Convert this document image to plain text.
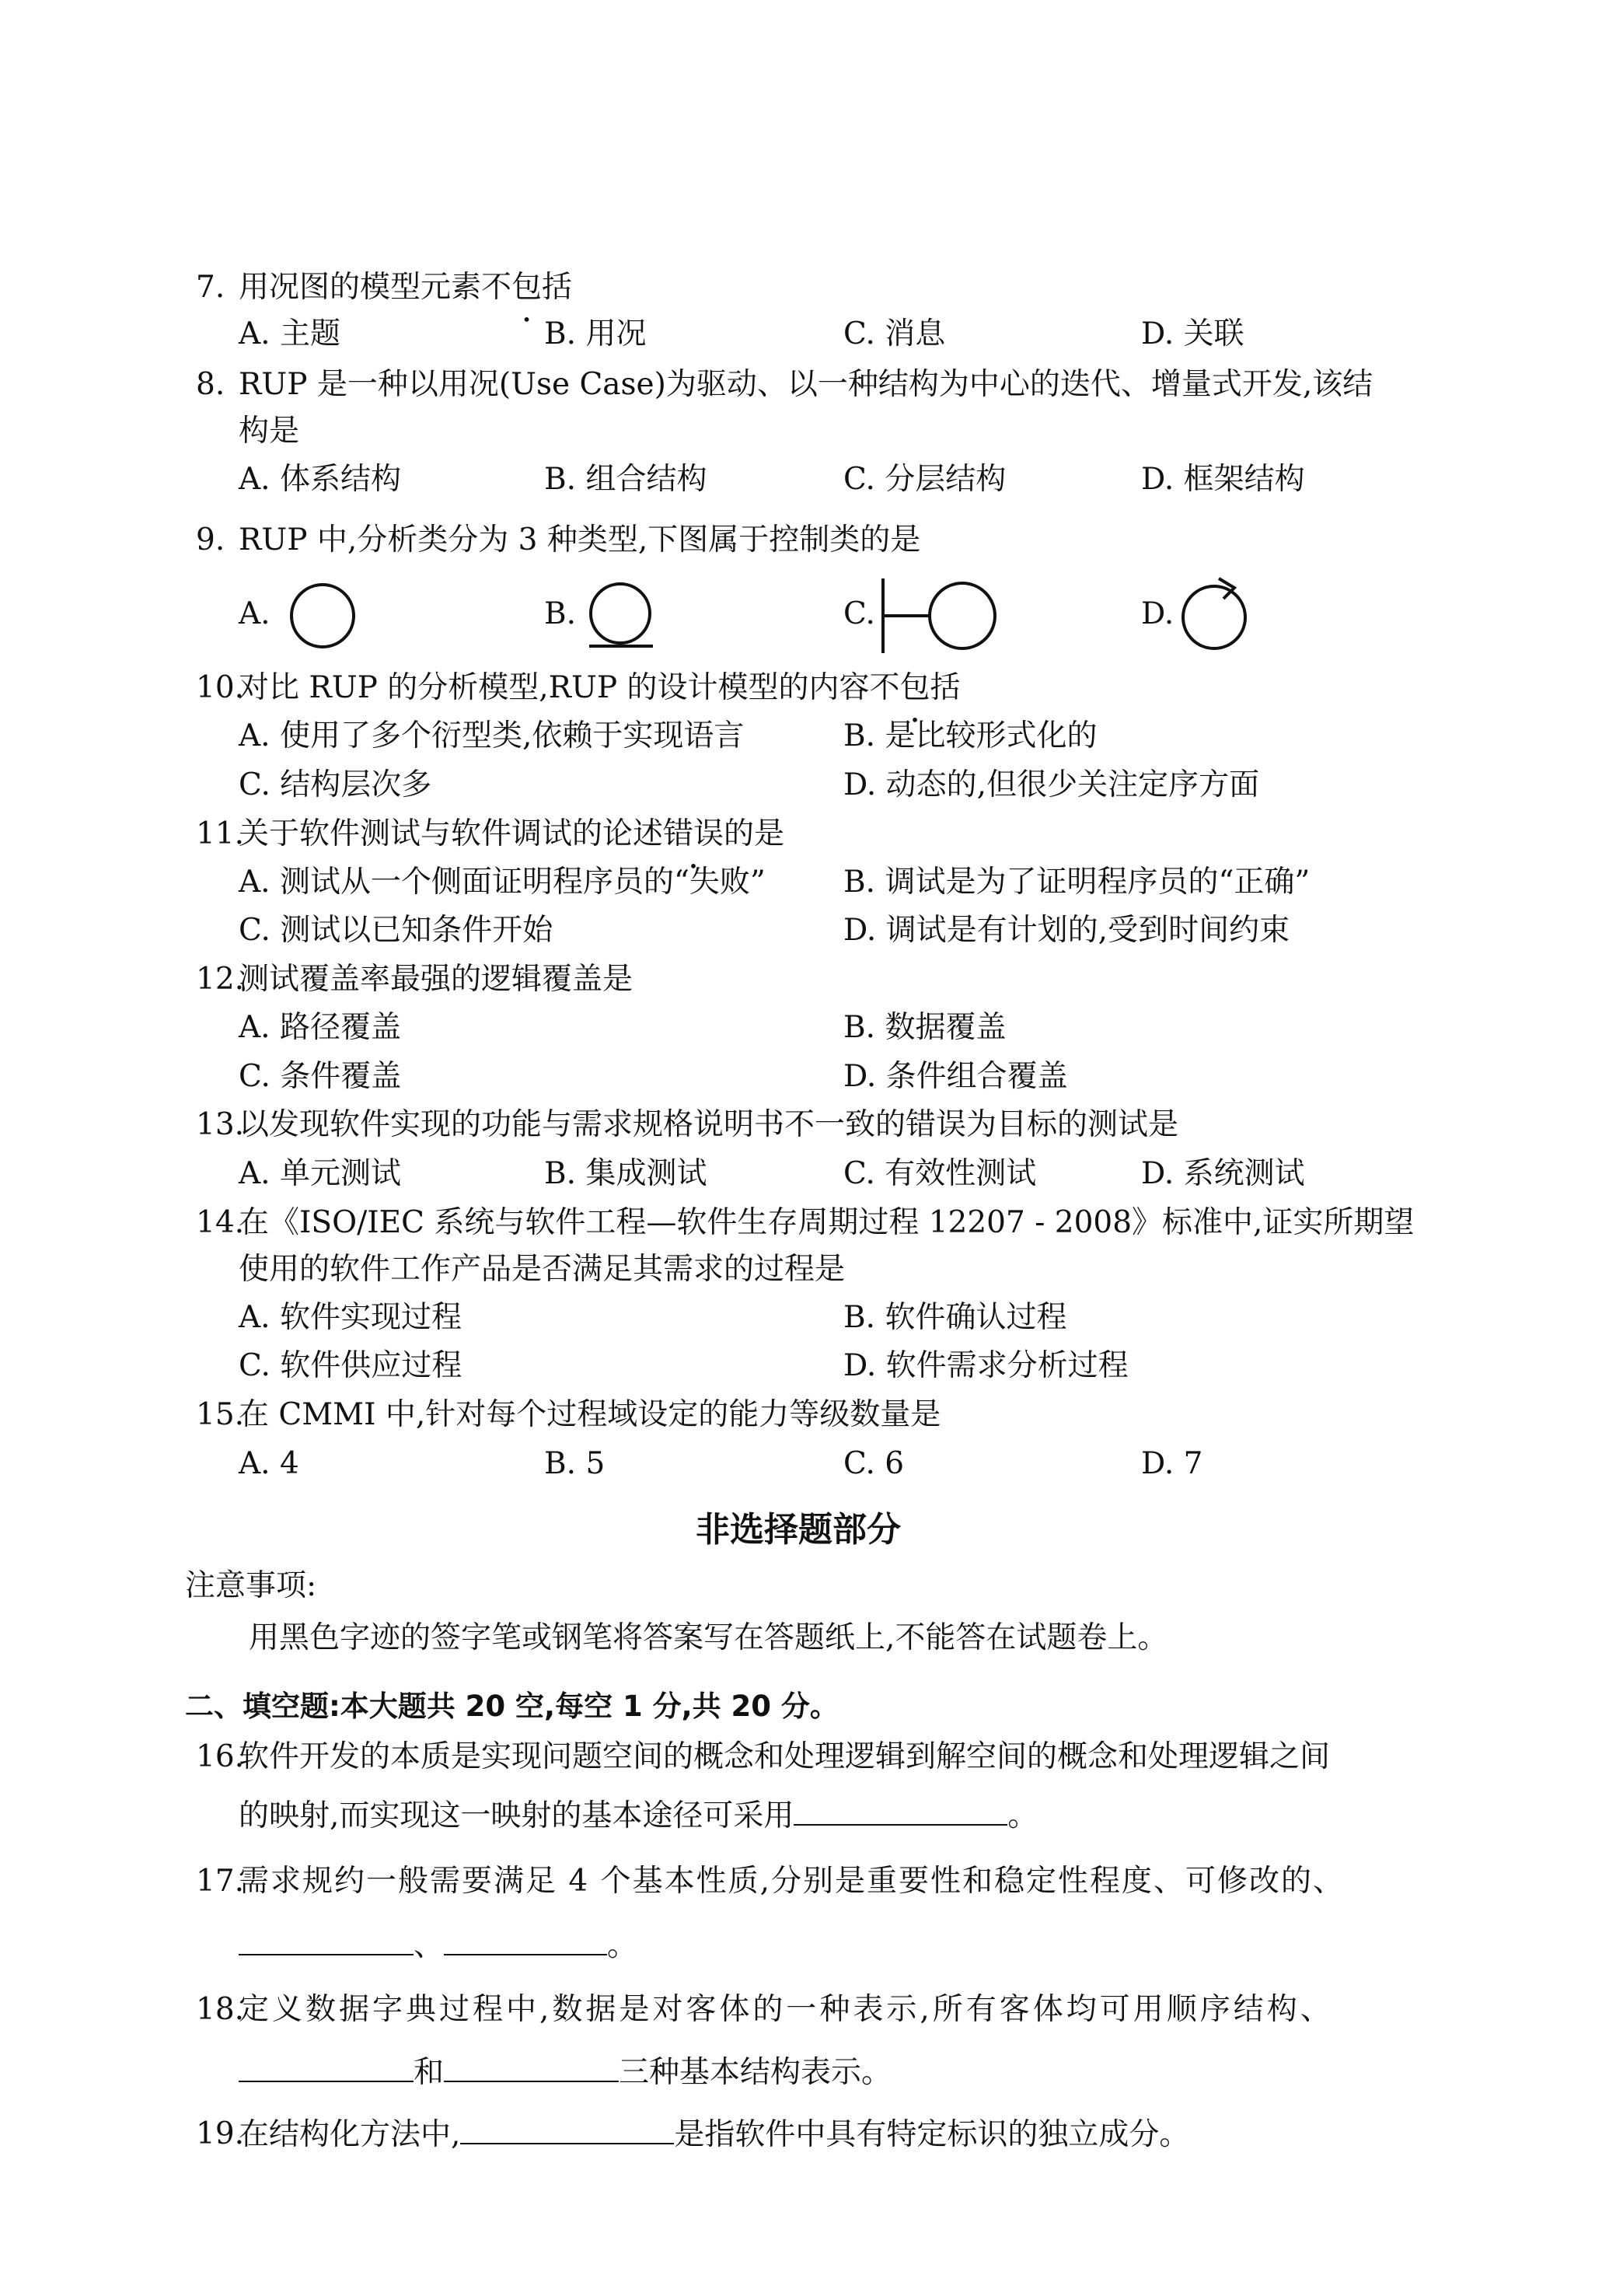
7. 用况图的模型元素不包括
A. 主题	B. 用况	C. 消息	D. 关联
8. RUP 是一种以用况(Use Case)为驱动、以一种结构为中心的迭代、增量式开发,该结
构是
A. 体系结构	B. 组合结构	C. 分层结构	D. 框架结构
9. RUP 中,分析类分为 3 种类型,下图属于控制类的是
A.	B.	C.	D.
10.
对比 RUP 的分析模型,RUP 的设计模型的内容不包括
A. 使用了多个衍型类,依赖于实现语言	B. 是比较形式化的
C. 结构层次多	D. 动态的,但很少关注定序方面
11.
关于软件测试与软件调试的论述错误的是
A. 测试从一个侧面证明程序员的“失败”	B. 调试是为了证明程序员的“正确”
C. 测试以已知条件开始	D. 调试是有计划的,受到时间约束
12.
测试覆盖率最强的逻辑覆盖是
A. 路径覆盖	B. 数据覆盖
C. 条件覆盖	D. 条件组合覆盖
13.
以发现软件实现的功能与需求规格说明书不一致的错误为目标的测试是
A. 单元测试	B. 集成测试	C. 有效性测试	D. 系统测试
14.
在《ISO/IEC 系统与软件工程—软件生存周期过程 12207 - 2008》标准中,证实所期望
使用的软件工作产品是否满足其需求的过程是
A. 软件实现过程	B. 软件确认过程
C. 软件供应过程	D. 软件需求分析过程
15.
在 CMMI 中,针对每个过程域设定的能力等级数量是
A. 4	B. 5	C. 6	D. 7
非选择题部分
注意事项:
用黑色字迹的签字笔或钢笔将答案写在答题纸上,不能答在试题卷上。
二、填空题:本大题共 20 空,每空 1 分,共 20 分。
16.
软件开发的本质是实现问题空间的概念和处理逻辑到解空间的概念和处理逻辑之间
的映射,而实现这一映射的基本途径可采用	。
17.
需求规约一般需要满足 4 个基本性质,分别是重要性和稳定性程度、可修改的、
、	。
18.
定义数据字典过程中,数据是对客体的一种表示,所有客体均可用顺序结构、
和	三种基本结构表示。
19.
在结构化方法中,	是指软件中具有特定标识的独立成分。
